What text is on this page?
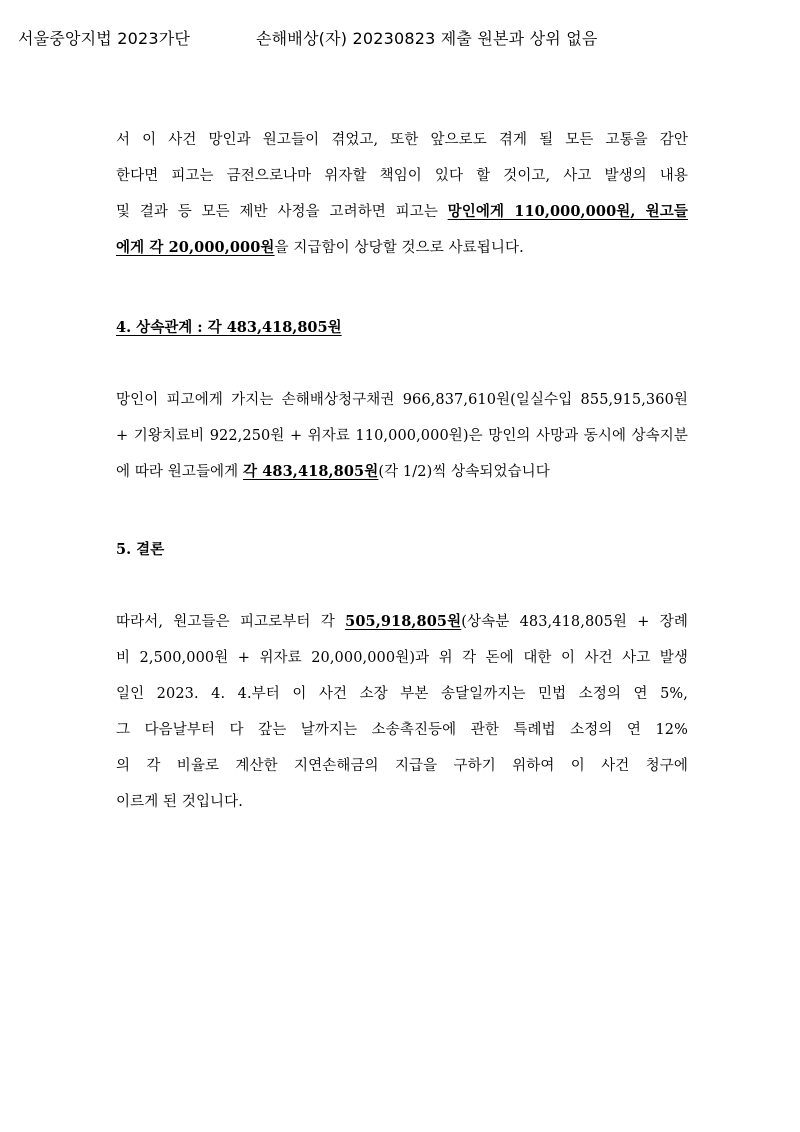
서울중앙지법 2023가단	손해배상(자) 20230823 제출 원본과 상위 없음
서 이 사건 망인과 원고들이 겪었고, 또한 앞으로도 겪게 될 모든 고통을 감안
한다면 피고는 금전으로나마 위자할 책임이 있다 할 것이고, 사고 발생의 내용
및 결과 등 모든 제반 사정을 고려하면 피고는 망인에게 110,000,000원, 원고들
에게 각 20,000,000원을 지급함이 상당할 것으로 사료됩니다.
4. 상속관계 : 각 483,418,805원
망인이 피고에게 가지는 손해배상청구채권 966,837,610원(일실수입 855,915,360원
+ 기왕치료비 922,250원 + 위자료 110,000,000원)은 망인의 사망과 동시에 상속지분
에 따라 원고들에게 각 483,418,805원(각 1/2)씩 상속되었습니다
5. 결론
따라서, 원고들은 피고로부터 각 505,918,805원(상속분 483,418,805원 + 장례
비 2,500,000원 + 위자료 20,000,000원)과 위 각 돈에 대한 이 사건 사고 발생
일인 2023. 4. 4.부터 이 사건 소장 부본 송달일까지는 민법 소정의 연 5%,
그 다음날부터 다 갚는 날까지는 소송촉진등에 관한 특례법 소정의 연 12%
의 각 비율로 계산한 지연손해금의 지급을 구하기 위하여 이 사건 청구에
이르게 된 것입니다.
